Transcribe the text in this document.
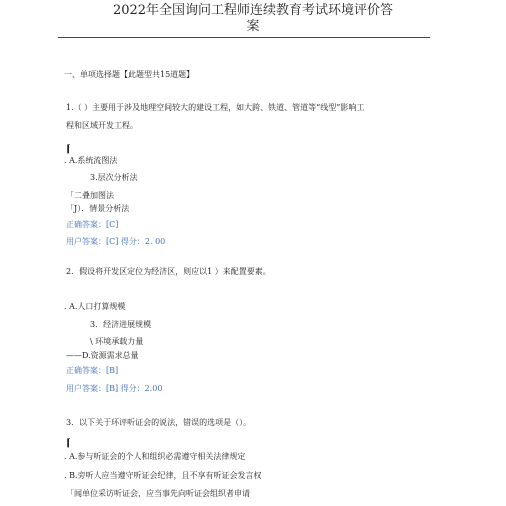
2022年全国询问工程师连续教育考试环境评价答
案
一、单项选择题【此题型共15道题】
1.（ ）主要用于涉及地理空间较大的建设工程，如大跨、铁道、管道等“线型”影响工
程和区域开发工程。
⌈
. A.系统流图法
3.层次分析法
「二叠加图法
「J）．情景分析法
正确答案：[C]
用户答案：[C] 得分：2. 00
2．假设将开发区定位为经济区，则应以1 ）来配置要素。
. A.人口打算规模
3．经济进展规模
\ 环境承载力量
——D.资源需求总量
正确答案：[B]
用户答案：[B] 得分：2.00
3．以下关于环评听证会的说法，错误的选项是（）。
⌈
. A.参与听证会的个人和组织必需遵守相关法律规定
. B.旁听人应当遵守听证会纪律，且不享有听证会发言权
「闻单位采访听证会，应当事先向听证会组织者申请
